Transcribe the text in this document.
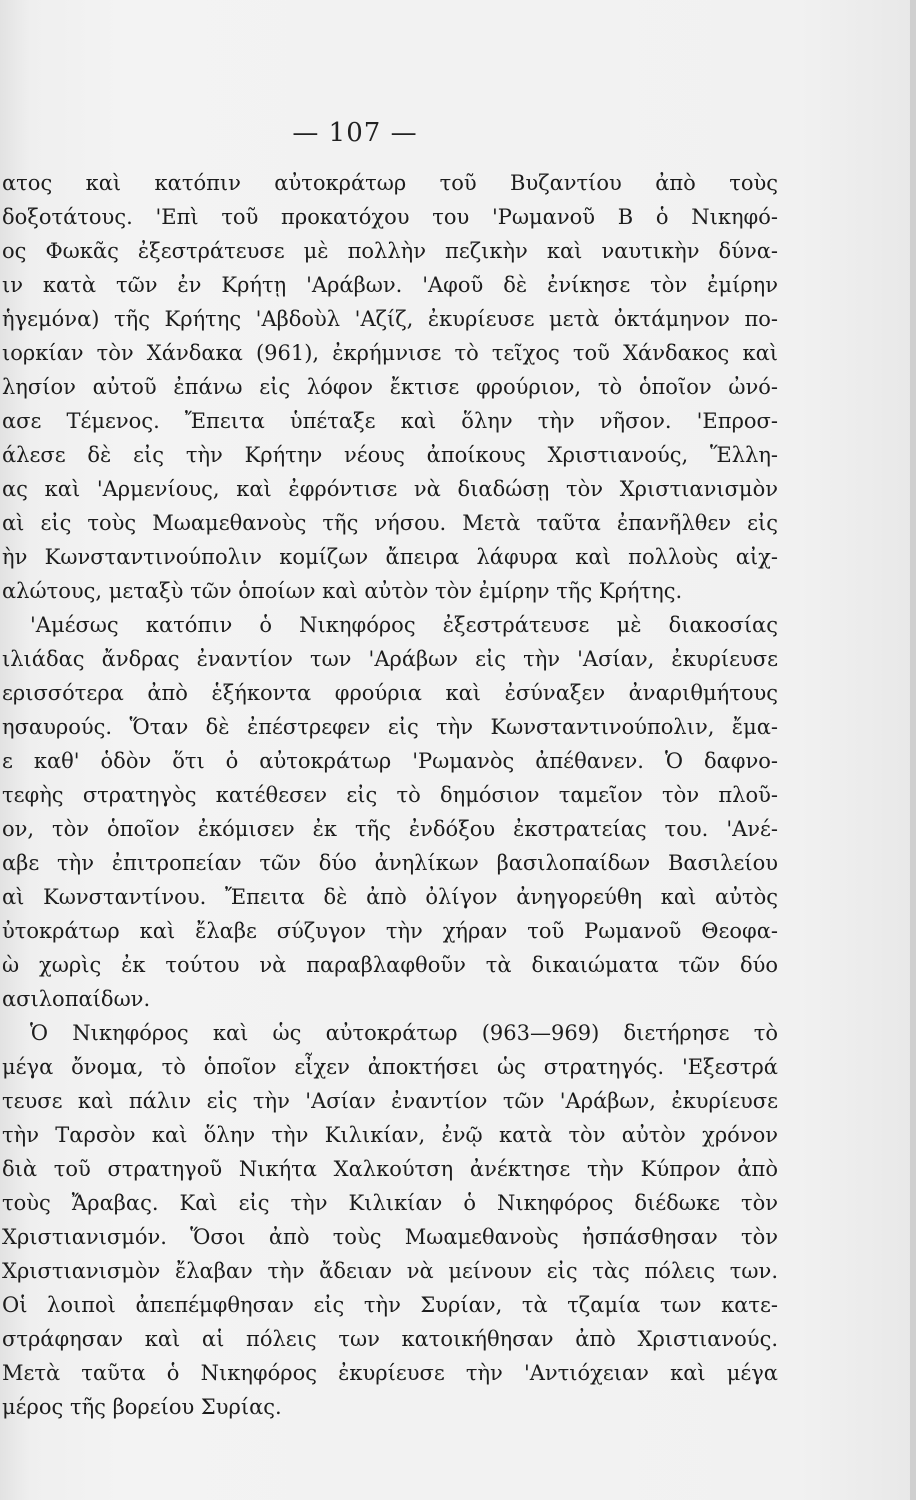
— 107 —
ατος καὶ κατόπιν αὐτοκράτωρ τοῦ Βυζαντίου ἀπὸ τοὺς
δοξοτάτους. 'Επὶ τοῦ προκατόχου του 'Ρωμανοῦ Β ὁ Νικηφό-
ος Φωκᾶς ἐξεστράτευσε μὲ πολλὴν πεζικὴν καὶ ναυτικὴν δύνα-
ιν κατὰ τῶν ἐν Κρήτῃ 'Αράβων. 'Αφοῦ δὲ ἐνίκησε τὸν ἐμίρην
ἡγεμόνα) τῆς Κρήτης 'Αβδοὺλ 'Αζίζ, ἐκυρίευσε μετὰ ὀκτάμηνον πο-
ιορκίαν τὸν Χάνδακα (961), ἐκρήμνισε τὸ τεῖχος τοῦ Χάνδακος καὶ
λησίον αὐτοῦ ἐπάνω εἰς λόφον ἔκτισε φρούριον, τὸ ὁποῖον ὠνό-
ασε Τέμενος. Ἔπειτα ὑπέταξε καὶ ὅλην τὴν νῆσον. 'Επροσ-
άλεσε δὲ εἰς τὴν Κρήτην νέους ἀποίκους Χριστιανούς, Ἕλλη-
ας καὶ 'Αρμενίους, καὶ ἐφρόντισε νὰ διαδώσῃ τὸν Χριστιανισμὸν
αὶ εἰς τοὺς Μωαμεθανοὺς τῆς νήσου. Μετὰ ταῦτα ἐπανῆλθεν εἰς
ὴν Κωνσταντινούπολιν κομίζων ἄπειρα λάφυρα καὶ πολλοὺς αἰχ-
αλώτους, μεταξὺ τῶν ὁποίων καὶ αὐτὸν τὸν ἐμίρην τῆς Κρήτης.
'Αμέσως κατόπιν ὁ Νικηφόρος ἐξεστράτευσε μὲ διακοσίας
ιλιάδας ἄνδρας ἐναντίον των 'Αράβων εἰς τὴν 'Ασίαν, ἐκυρίευσε
ερισσότερα ἀπὸ ἑξήκοντα φρούρια καὶ ἐσύναξεν ἀναριθμήτους
ησαυρούς. Ὅταν δὲ ἐπέστρεφεν εἰς τὴν Κωνσταντινούπολιν, ἔμα-
ε καθ' ὁδὸν ὅτι ὁ αὐτοκράτωρ 'Ρωμανὸς ἀπέθανεν. Ὁ δαφνο-
τεφὴς στρατηγὸς κατέθεσεν εἰς τὸ δημόσιον ταμεῖον τὸν πλοῦ-
ον, τὸν ὁποῖον ἐκόμισεν ἐκ τῆς ἐνδόξου ἐκστρατείας του. 'Ανέ-
αβε τὴν ἐπιτροπείαν τῶν δύο ἀνηλίκων βασιλοπαίδων Βασιλείου
αὶ Κωνσταντίνου. Ἔπειτα δὲ ἀπὸ ὀλίγον ἀνηγορεύθη καὶ αὐτὸς
ὐτοκράτωρ καὶ ἔλαβε σύζυγον τὴν χήραν τοῦ Ρωμανοῦ Θεοφα-
ὼ χωρὶς ἐκ τούτου νὰ παραβλαφθοῦν τὰ δικαιώματα τῶν δύο
ασιλοπαίδων.
Ὁ Νικηφόρος καὶ ὡς αὐτοκράτωρ (963—969) διετήρησε τὸ
μέγα ὄνομα, τὸ ὁποῖον εἶχεν ἀποκτήσει ὡς στρατηγός. 'Εξεστρά
τευσε καὶ πάλιν εἰς τὴν 'Ασίαν ἐναντίον τῶν 'Αράβων, ἐκυρίευσε
τὴν Ταρσὸν καὶ ὅλην τὴν Κιλικίαν, ἐνῷ κατὰ τὸν αὐτὸν χρόνον
διὰ τοῦ στρατηγοῦ Νικήτα Χαλκούτση ἀνέκτησε τὴν Κύπρον ἀπὸ
τοὺς Ἄραβας. Καὶ εἰς τὴν Κιλικίαν ὁ Νικηφόρος διέδωκε τὸν
Χριστιανισμόν. Ὅσοι ἀπὸ τοὺς Μωαμεθανοὺς ἠσπάσθησαν τὸν
Χριστιανισμὸν ἔλαβαν τὴν ἄδειαν νὰ μείνουν εἰς τὰς πόλεις των.
Οἱ λοιποὶ ἀπεπέμφθησαν εἰς τὴν Συρίαν, τὰ τζαμία των κατε-
στράφησαν καὶ αἱ πόλεις των κατοικήθησαν ἀπὸ Χριστιανούς.
Μετὰ ταῦτα ὁ Νικηφόρος ἐκυρίευσε τὴν 'Αντιόχειαν καὶ μέγα
μέρος τῆς βορείου Συρίας.
